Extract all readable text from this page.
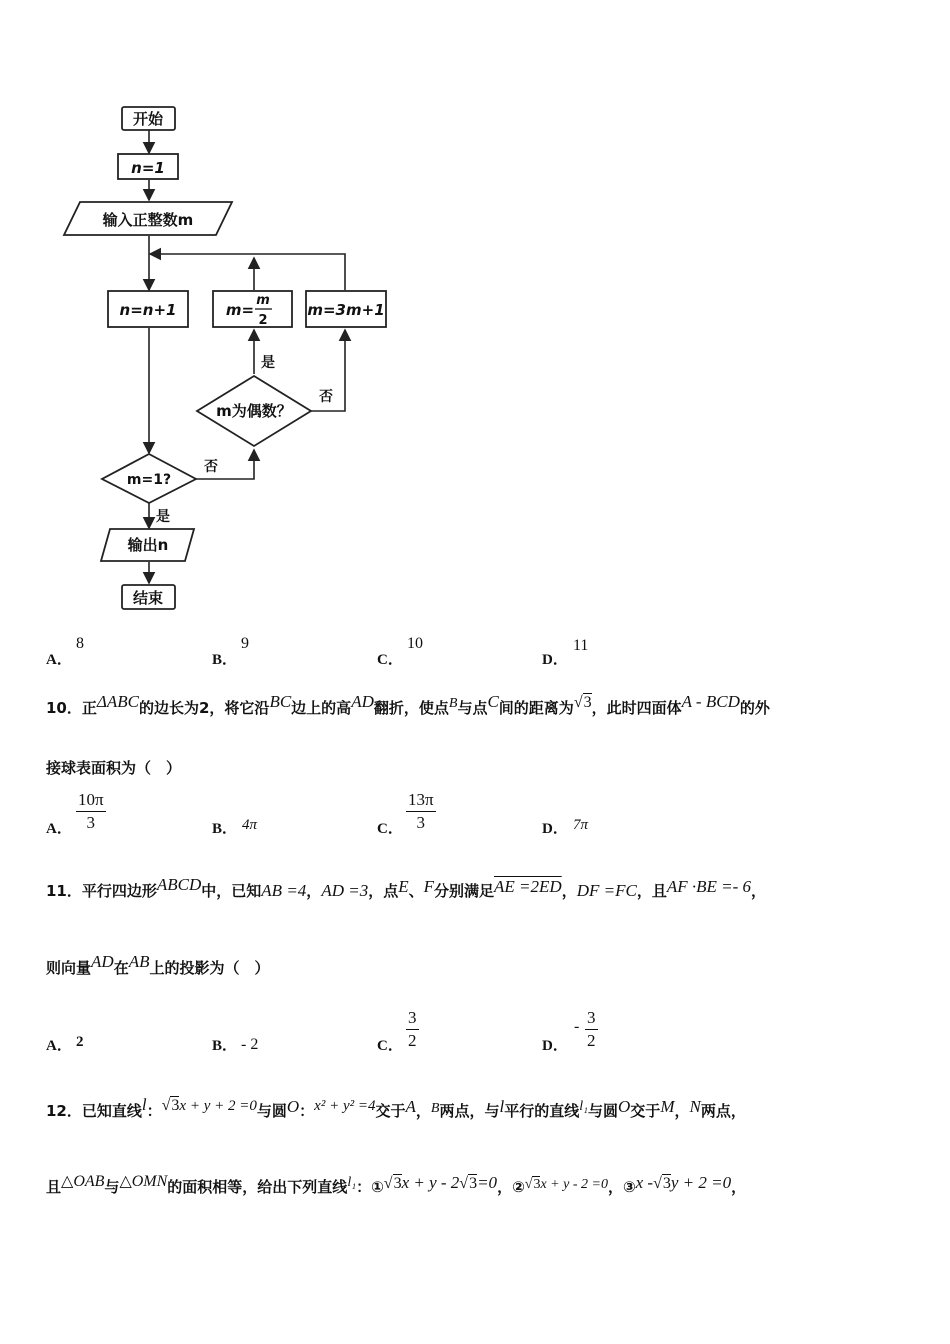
开始
n=1
输入正整数m
n=n+1	m=
m
2
m=3m+1
m为偶数？
m=1?
输出n
结束
是
否
否
是
A．
8
B．
9
C．
10
D．
11
10．正ΔABC的边长为2，将它沿BC边上的高AD翻折，使点B与点C间的距离为√3，此时四面体A - BCD的外
接球表面积为（　）
A． $\frac{10\pi}{3}$	B． 4π	C． $\frac{13\pi}{3}$	D． 7π
11．平行四边形ABCD中，已知AB =4，AD =3，点E、F分别满足AE =2ED，DF =FC，且AF ·BE =- 6，
则向量AD在AB上的投影为（　）
A． 2	B． - 2	C． $\frac{3}{2}$	D．
- $\frac{3}{2}$
12．已知直线l：√3x + y + 2 =0与圆O：x² + y² =4交于A，B两点，与l平行的直线l₁与圆O交于M，N两点，
且△OAB与△OMN的面积相等，给出下列直线l₁：①√3x + y - 2√3=0，②√3x + y - 2 =0，③x -√3y + 2 =0，
